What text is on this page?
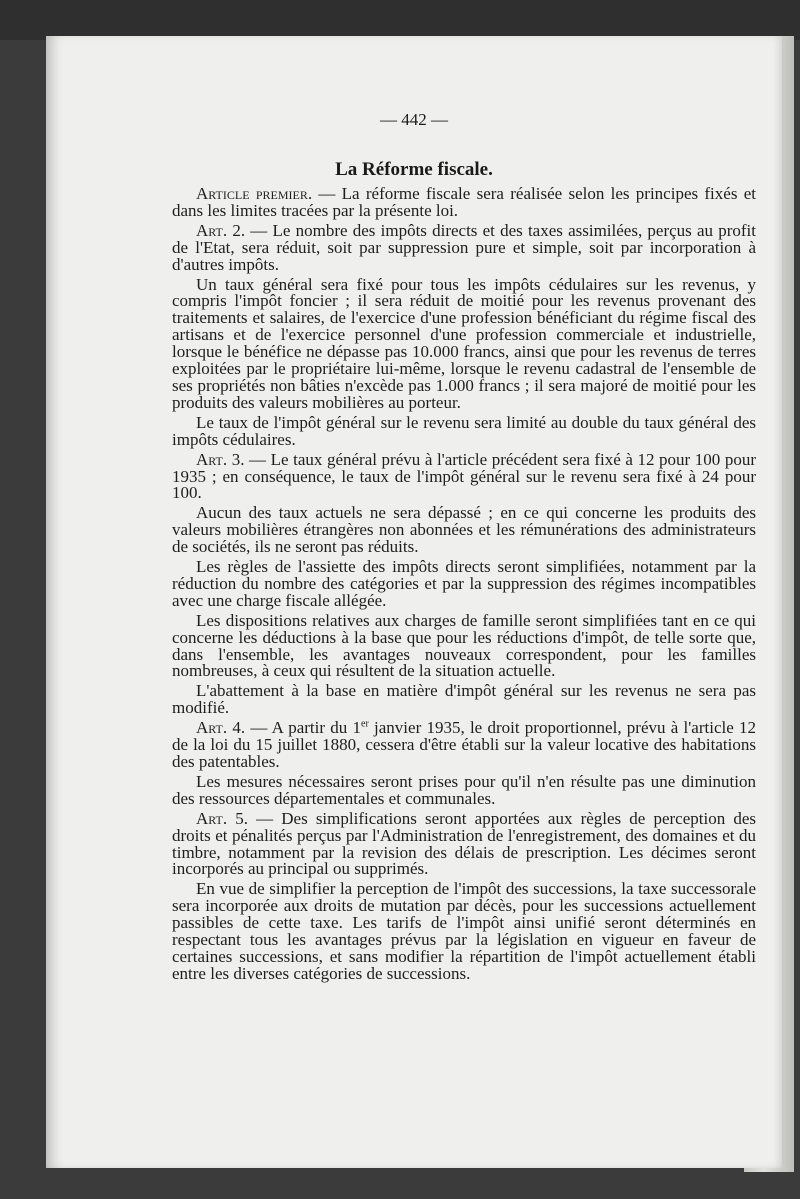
— 442 —
La Réforme fiscale.

Article premier. — La réforme fiscale sera réalisée selon les principes fixés et dans les limites tracées par la présente loi.

Art. 2. — Le nombre des impôts directs et des taxes assimilées, perçus au profit de l'Etat, sera réduit, soit par suppression pure et simple, soit par incorporation à d'autres impôts.

Un taux général sera fixé pour tous les impôts cédulaires sur les revenus, y compris l'impôt foncier ; il sera réduit de moitié pour les revenus provenant des traitements et salaires, de l'exercice d'une profession bénéficiant du régime fiscal des artisans et de l'exercice personnel d'une profession commerciale et industrielle, lorsque le bénéfice ne dépasse pas 10.000 francs, ainsi que pour les revenus de terres exploitées par le propriétaire lui-même, lorsque le revenu cadastral de l'ensemble de ses propriétés non bâties n'excède pas 1.000 francs ; il sera majoré de moitié pour les produits des valeurs mobilières au porteur.

Le taux de l'impôt général sur le revenu sera limité au double du taux général des impôts cédulaires.

Art. 3. — Le taux général prévu à l'article précédent sera fixé à 12 pour 100 pour 1935 ; en conséquence, le taux de l'impôt général sur le revenu sera fixé à 24 pour 100.

Aucun des taux actuels ne sera dépassé ; en ce qui concerne les produits des valeurs mobilières étrangères non abonnées et les rémunérations des administrateurs de sociétés, ils ne seront pas réduits.

Les règles de l'assiette des impôts directs seront simplifiées, notamment par la réduction du nombre des catégories et par la suppression des régimes incompatibles avec une charge fiscale allégée.

Les dispositions relatives aux charges de famille seront simplifiées tant en ce qui concerne les déductions à la base que pour les réductions d'impôt, de telle sorte que, dans l'ensemble, les avantages nouveaux correspondent, pour les familles nombreuses, à ceux qui résultent de la situation actuelle.

L'abattement à la base en matière d'impôt général sur les revenus ne sera pas modifié.

Art. 4. — A partir du 1er janvier 1935, le droit proportionnel, prévu à l'article 12 de la loi du 15 juillet 1880, cessera d'être établi sur la valeur locative des habitations des patentables.

Les mesures nécessaires seront prises pour qu'il n'en résulte pas une diminution des ressources départementales et communales.

Art. 5. — Des simplifications seront apportées aux règles de perception des droits et pénalités perçus par l'Administration de l'enregistrement, des domaines et du timbre, notamment par la revision des délais de prescription. Les décimes seront incorporés au principal ou supprimés.

En vue de simplifier la perception de l'impôt des successions, la taxe successorale sera incorporée aux droits de mutation par décès, pour les successions actuellement passibles de cette taxe. Les tarifs de l'impôt ainsi unifié seront déterminés en respectant tous les avantages prévus par la législation en vigueur en faveur de certaines successions, et sans modifier la répartition de l'impôt actuellement établi entre les diverses catégories de successions.
